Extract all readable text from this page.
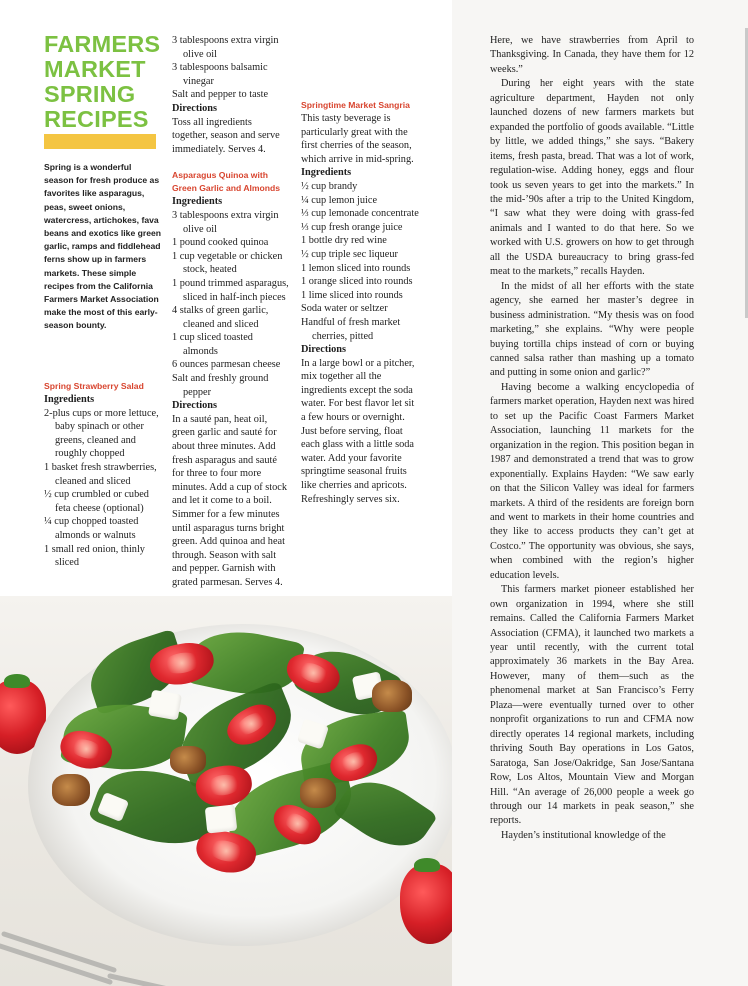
FARMERS
MARKET
SPRING
RECIPES
Spring is a wonderful season for fresh produce as favorites like asparagus, peas, sweet onions, watercress, artichokes, fava beans and exotics like green garlic, ramps and fiddlehead ferns show up in farmers markets. These simple recipes from the California Farmers Market Association make the most of this early-season bounty.
Spring Strawberry Salad
Ingredients
2-plus cups or more lettuce, baby spinach or other greens, cleaned and roughly chopped
1 basket fresh strawberries, cleaned and sliced
½ cup crumbled or cubed feta cheese (optional)
¼ cup chopped toasted almonds or walnuts
1 small red onion, thinly sliced
3 tablespoons extra virgin olive oil
3 tablespoons balsamic vinegar
Salt and pepper to taste
Directions
Toss all ingredients together, season and serve immediately. Serves 4.
Asparagus Quinoa with Green Garlic and Almonds
Ingredients
3 tablespoons extra virgin olive oil
1 pound cooked quinoa
1 cup vegetable or chicken stock, heated
1 pound trimmed asparagus, sliced in half-inch pieces
4 stalks of green garlic, cleaned and sliced
1 cup sliced toasted almonds
6 ounces parmesan cheese
Salt and freshly ground pepper
Directions
In a sauté pan, heat oil, green garlic and sauté for about three minutes. Add fresh asparagus and sauté for three to four more minutes. Add a cup of stock and let it come to a boil. Simmer for a few minutes until asparagus turns bright green. Add quinoa and heat through. Season with salt and pepper. Garnish with grated parmesan. Serves 4.
Springtime Market Sangria
This tasty beverage is particularly great with the first cherries of the season, which arrive in mid-spring.
Ingredients
½ cup brandy
¼ cup lemon juice
⅓ cup lemonade concentrate
⅓ cup fresh orange juice
1 bottle dry red wine
½ cup triple sec liqueur
1 lemon sliced into rounds
1 orange sliced into rounds
1 lime sliced into rounds
Soda water or seltzer
Handful of fresh market cherries, pitted
Directions
In a large bowl or a pitcher, mix together all the ingredients except the soda water. For best flavor let sit a few hours or overnight. Just before serving, float each glass with a little soda water. Add your favorite springtime seasonal fruits like cherries and apricots. Refreshingly serves six.

Here, we have strawberries from April to Thanksgiving. In Canada, they have them for 12 weeks.”

During her eight years with the state agriculture department, Hayden not only launched dozens of new farmers markets but expanded the portfolio of goods available. “Little by little, we added things,” she says. “Bakery items, fresh pasta, bread. That was a lot of work, regulation-wise. Adding honey, eggs and flour took us seven years to get into the markets.” In the mid-’90s after a trip to the United Kingdom, “I saw what they were doing with grass-fed animals and I wanted to do that here. So we worked with U.S. growers on how to get through all the USDA bureaucracy to bring grass-fed meat to the markets,” recalls Hayden.

In the midst of all her efforts with the state agency, she earned her master’s degree in business administration. “My thesis was on food marketing,” she explains. “Why were people buying tortilla chips instead of corn or buying canned salsa rather than mashing up a tomato and putting in some onion and garlic?”

Having become a walking encyclopedia of farmers market operation, Hayden next was hired to set up the Pacific Coast Farmers Market Association, launching 11 markets for the organization in the region. This position began in 1987 and demonstrated a trend that was to grow exponentially. Explains Hayden: “We saw early on that the Silicon Valley was ideal for farmers markets. A third of the residents are foreign born and went to markets in their home countries and they like to access products they can’t get at Costco.” The opportunity was obvious, she says, when combined with the region’s higher education levels.

This farmers market pioneer established her own organization in 1994, where she still remains. Called the California Farmers Market Association (CFMA), it launched two markets a year until recently, with the current total approximately 36 markets in the Bay Area. However, many of them—such as the phenomenal market at San Francisco’s Ferry Plaza—were eventually turned over to other nonprofit organizations to run and CFMA now directly operates 14 regional markets, including thriving South Bay operations in Los Gatos, Saratoga, San Jose/Oakridge, San Jose/Santana Row, Los Altos, Mountain View and Morgan Hill. “An average of 26,000 people a week go through our 14 markets in peak season,” she reports.

Hayden’s institutional knowledge of the
